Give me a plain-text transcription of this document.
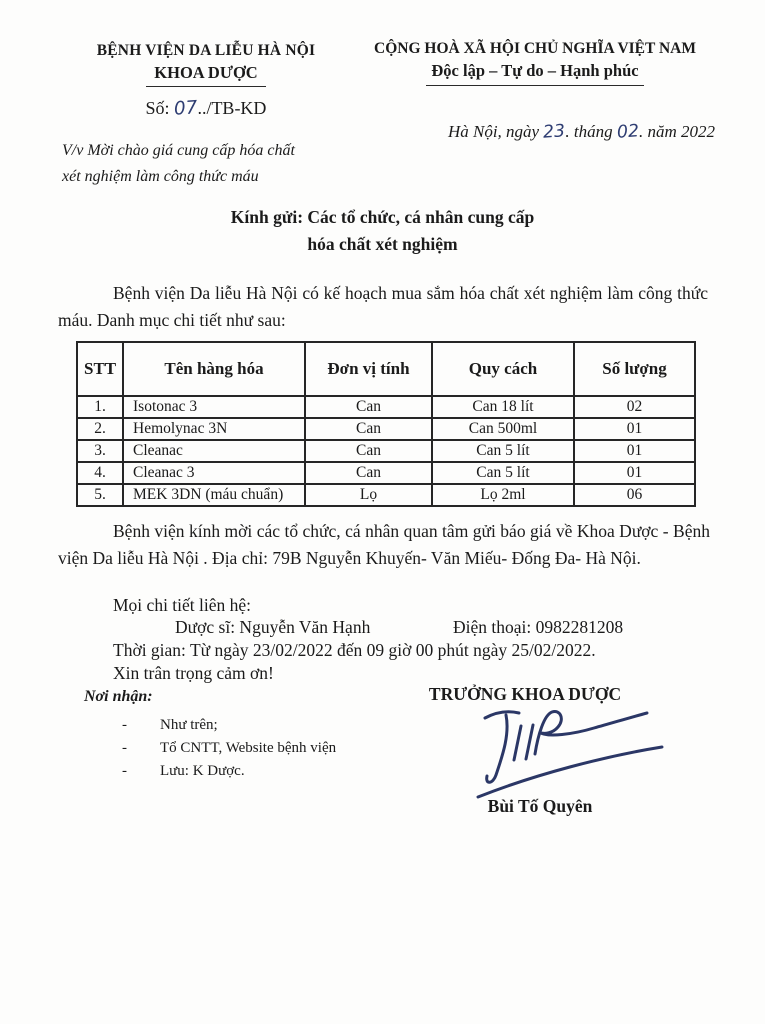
BỆNH VIỆN DA LIỄU HÀ NỘI
KHOA DƯỢC
CỘNG HOÀ XÃ HỘI CHỦ NGHĨA VIỆT NAM
Độc lập – Tự do – Hạnh phúc
Số: 07../TB-KD
Hà Nội, ngày 23. tháng 02. năm 2022
V/v Mời chào giá cung cấp hóa chất
xét nghiệm làm công thức máu
Kính gửi: Các tổ chức, cá nhân cung cấp
hóa chất xét nghiệm
Bệnh viện Da liễu Hà Nội có kế hoạch mua sắm hóa chất xét nghiệm làm công thức máu. Danh mục chi tiết như sau:
STT	Tên hàng hóa	Đơn vị tính	Quy cách	Số lượng
1.	Isotonac 3	Can	Can 18 lít	02
2.	Hemolynac 3N	Can	Can 500ml	01
3.	Cleanac	Can	Can 5 lít	01
4.	Cleanac 3	Can	Can 5 lít	01
5.	MEK 3DN (máu chuẩn)	Lọ	Lọ 2ml	06
Bệnh viện kính mời các tổ chức, cá nhân quan tâm gửi báo giá về Khoa Dược - Bệnh viện Da liễu Hà Nội . Địa chỉ: 79B Nguyễn Khuyến- Văn Miếu- Đống Đa- Hà Nội.
Mọi chi tiết liên hệ:
Dược sĩ: Nguyễn Văn Hạnh	Điện thoại: 0982281208
Thời gian: Từ ngày 23/02/2022 đến 09 giờ 00 phút ngày 25/02/2022.
Xin trân trọng cảm ơn!
Nơi nhận:
-	Như trên;
-	Tổ CNTT, Website bệnh viện
-	Lưu: K Dược.
TRƯỞNG KHOA DƯỢC
Bùi Tố Quyên
